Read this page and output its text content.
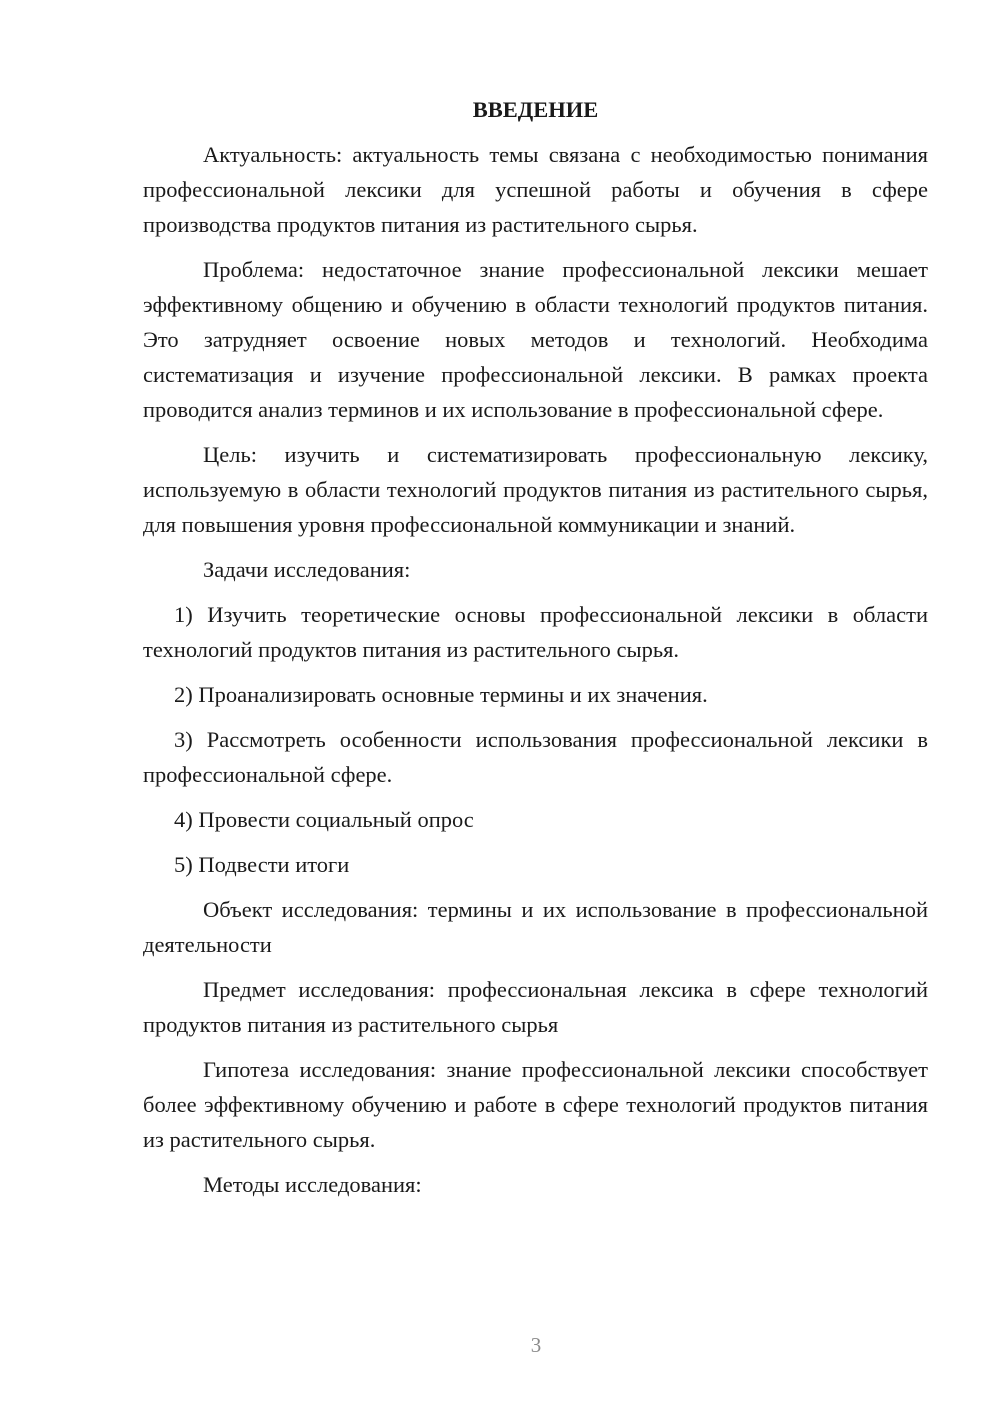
ВВЕДЕНИЕ

Актуальность: актуальность темы связана с необходимостью понимания профессиональной лексики для успешной работы и обучения в сфере производства продуктов питания из растительного сырья.

Проблема: недостаточное знание профессиональной лексики мешает эффективному общению и обучению в области технологий продуктов питания. Это затрудняет освоение новых методов и технологий. Необходима систематизация и изучение профессиональной лексики. В рамках проекта проводится анализ терминов и их использование в профессиональной сфере.

Цель: изучить и систематизировать профессиональную лексику, используемую в области технологий продуктов питания из растительного сырья, для повышения уровня профессиональной коммуникации и знаний.

Задачи исследования:

1) Изучить теоретические основы профессиональной лексики в области технологий продуктов питания из растительного сырья.

2) Проанализировать основные термины и их значения.

3) Рассмотреть особенности использования профессиональной лексики в профессиональной сфере.

4) Провести социальный опрос

5) Подвести итоги

Объект исследования: термины и их использование в профессиональной деятельности

Предмет исследования: профессиональная лексика в сфере технологий продуктов питания из растительного сырья

Гипотеза исследования: знание профессиональной лексики способствует более эффективному обучению и работе в сфере технологий продуктов питания из растительного сырья.

Методы исследования:

3
